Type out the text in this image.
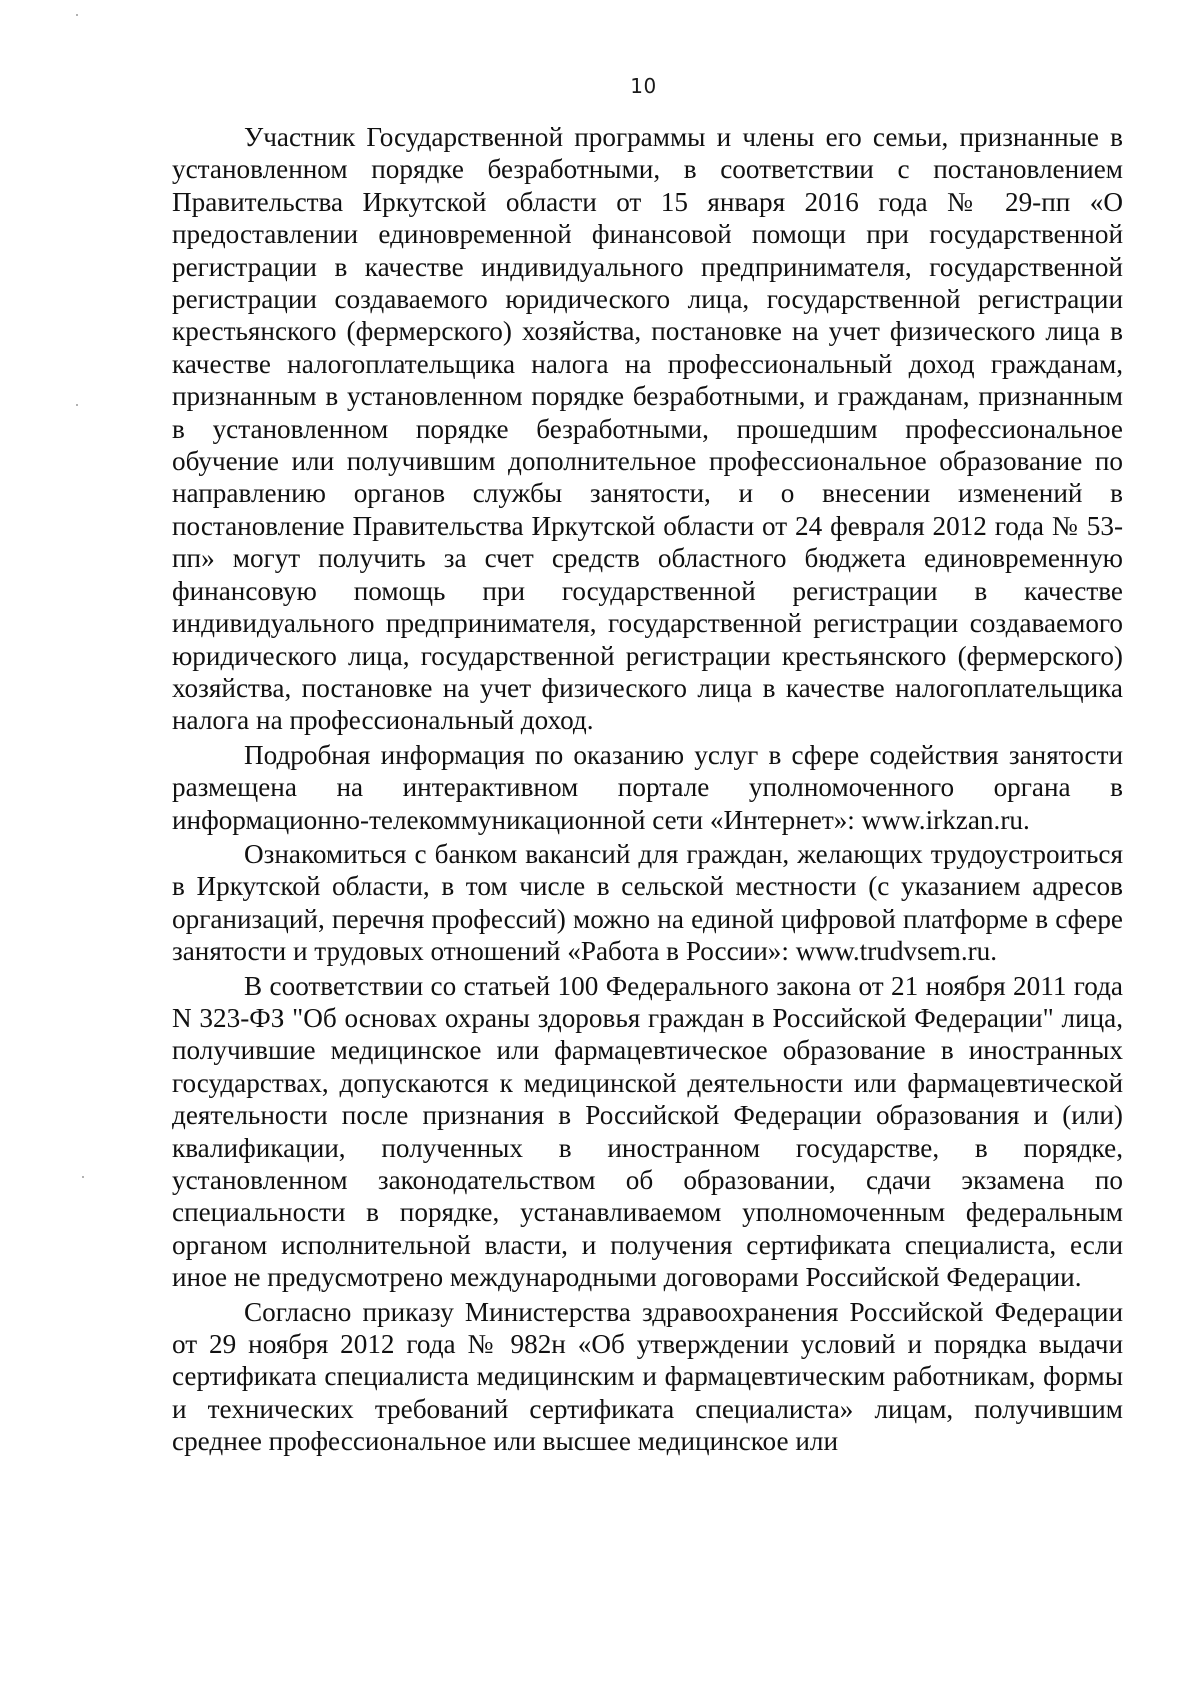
10

Участник Государственной программы и члены его семьи, признанные в установленном порядке безработными, в соответствии с постановлением Правительства Иркутской области от 15 января 2016 года № 29-пп «О предоставлении единовременной финансовой помощи при государственной регистрации в качестве индивидуального предпринимателя, государственной регистрации создаваемого юридического лица, государственной регистрации крестьянского (фермерского) хозяйства, постановке на учет физического лица в качестве налогоплательщика налога на профессиональный доход гражданам, признанным в установленном порядке безработными, и гражданам, признанным в установленном порядке безработными, прошедшим профессиональное обучение или получившим дополнительное профессиональное образование по направлению органов службы занятости, и о внесении изменений в постановление Правительства Иркутской области от 24 февраля 2012 года № 53-пп» могут получить за счет средств областного бюджета единовременную финансовую помощь при государственной регистрации в качестве индивидуального предпринимателя, государственной регистрации создаваемого юридического лица, государственной регистрации крестьянского (фермерского) хозяйства, постановке на учет физического лица в качестве налогоплательщика налога на профессиональный доход.

Подробная информация по оказанию услуг в сфере содействия занятости размещена на интерактивном портале уполномоченного органа в информационно-телекоммуникационной сети «Интернет»: www.irkzan.ru.

Ознакомиться с банком вакансий для граждан, желающих трудоустроиться в Иркутской области, в том числе в сельской местности (с указанием адресов организаций, перечня профессий) можно на единой цифровой платформе в сфере занятости и трудовых отношений «Работа в России»: www.trudvsem.ru.

В соответствии со статьей 100 Федерального закона от 21 ноября 2011 года N 323-ФЗ "Об основах охраны здоровья граждан в Российской Федерации" лица, получившие медицинское или фармацевтическое образование в иностранных государствах, допускаются к медицинской деятельности или фармацевтической деятельности после признания в Российской Федерации образования и (или) квалификации, полученных в иностранном государстве, в порядке, установленном законодательством об образовании, сдачи экзамена по специальности в порядке, устанавливаемом уполномоченным федеральным органом исполнительной власти, и получения сертификата специалиста, если иное не предусмотрено международными договорами Российской Федерации.

Согласно приказу Министерства здравоохранения Российской Федерации от 29 ноября 2012 года № 982н «Об утверждении условий и порядка выдачи сертификата специалиста медицинским и фармацевтическим работникам, формы и технических требований сертификата специалиста» лицам, получившим среднее профессиональное или высшее медицинское или
